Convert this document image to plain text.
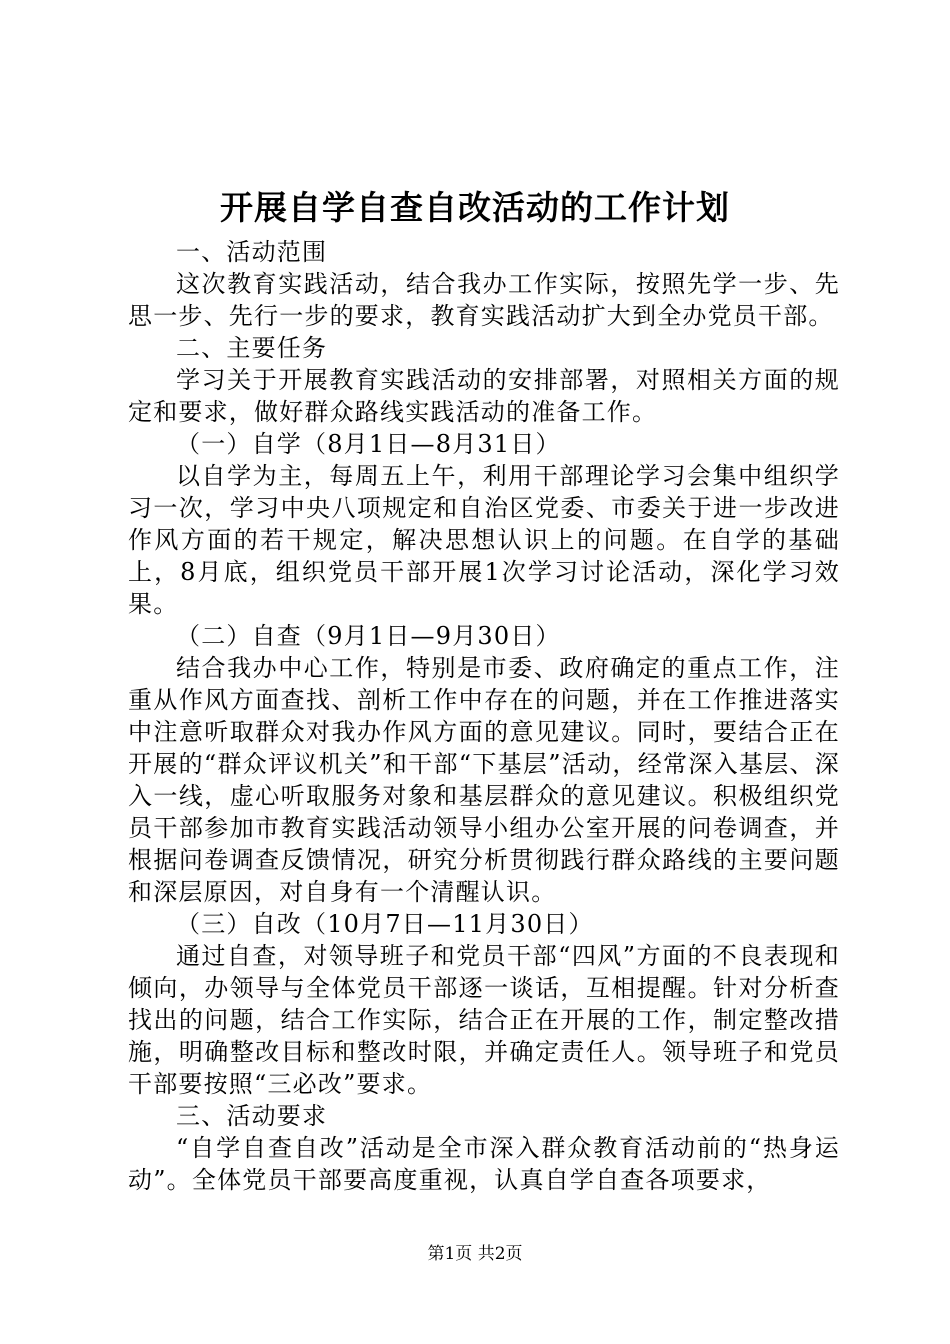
开展自学自查自改活动的工作计划

一、活动范围

这次教育实践活动，结合我办工作实际，按照先学一步、先思一步、先行一步的要求，教育实践活动扩大到全办党员干部。

二、主要任务

学习关于开展教育实践活动的安排部署，对照相关方面的规定和要求，做好群众路线实践活动的准备工作。

（一）自学（8月1日—8月31日）

以自学为主，每周五上午，利用干部理论学习会集中组织学习一次，学习中央八项规定和自治区党委、市委关于进一步改进作风方面的若干规定，解决思想认识上的问题。在自学的基础上，8月底，组织党员干部开展1次学习讨论活动，深化学习效果。

（二）自查（9月1日—9月30日）

结合我办中心工作，特别是市委、政府确定的重点工作，注重从作风方面查找、剖析工作中存在的问题，并在工作推进落实中注意听取群众对我办作风方面的意见建议。同时，要结合正在开展的“群众评议机关”和干部“下基层”活动，经常深入基层、深入一线，虚心听取服务对象和基层群众的意见建议。积极组织党员干部参加市教育实践活动领导小组办公室开展的问卷调查，并根据问卷调查反馈情况，研究分析贯彻践行群众路线的主要问题和深层原因，对自身有一个清醒认识。

（三）自改（10月7日—11月30日）

通过自查，对领导班子和党员干部“四风”方面的不良表现和倾向，办领导与全体党员干部逐一谈话，互相提醒。针对分析查找出的问题，结合工作实际，结合正在开展的工作，制定整改措施，明确整改目标和整改时限，并确定责任人。领导班子和党员干部要按照“三必改”要求。

三、活动要求

“自学自查自改”活动是全市深入群众教育活动前的“热身运动”。全体党员干部要高度重视，认真自学自查各项要求，

第1页 共2页
